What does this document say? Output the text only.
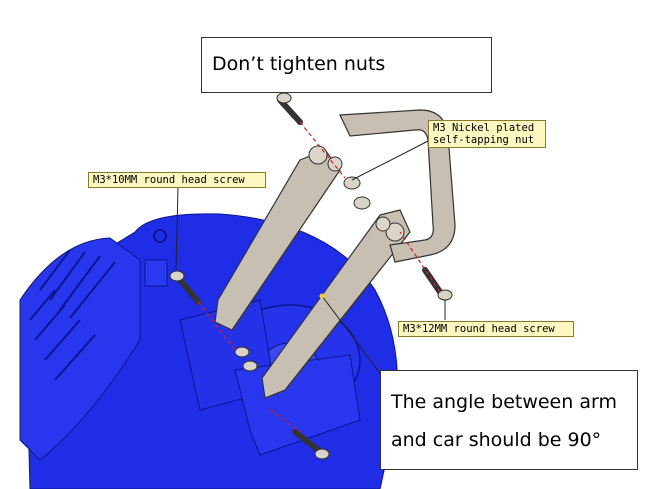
Don’t tighten nuts
The angle between arm
and car should be 90°
M3*10MM round head screw
M3 Nickel plated
self-tapping nut
M3*12MM round head screw
